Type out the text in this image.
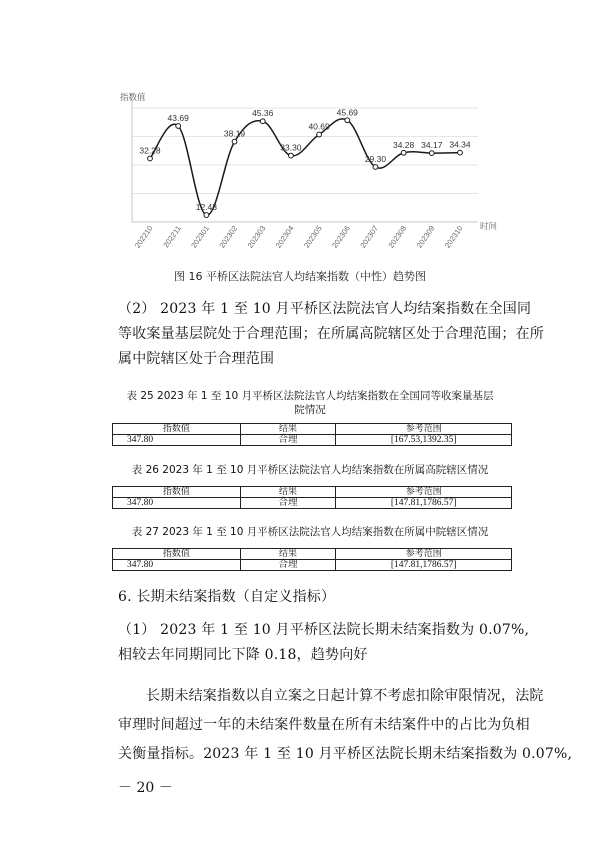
指数值
时间
32.28
202210
43.69
202211
12.43
202301
38.19
202302
45.36
202303
33.30
202304
40.69
202305
45.69
202306
29.30
202307
34.28
202308
34.17
202309
34.34
202310
图 16 平桥区法院法官人均结案指数（中性）趋势图
（2） 2023 年 1 至 10 月平桥区法院法官人均结案指数在全国同
等收案量基层院处于合理范围；在所属高院辖区处于合理范围；在所
属中院辖区处于合理范围
表 25 2023 年 1 至 10 月平桥区法院法官人均结案指数在全国同等收案量基层
院情况
指数值	结果	参考范围
347.80	合理	[167.53,1392.35]
表 26 2023 年 1 至 10 月平桥区法院法官人均结案指数在所属高院辖区情况
指数值	结果	参考范围
347.80	合理	[147.81,1786.57]
表 27 2023 年 1 至 10 月平桥区法院法官人均结案指数在所属中院辖区情况
指数值	结果	参考范围
347.80	合理	[147.81,1786.57]
6. 长期未结案指数（自定义指标）
（1） 2023 年 1 至 10 月平桥区法院长期未结案指数为 0.07%,
相较去年同期同比下降 0.18，趋势向好
长期未结案指数以自立案之日起计算不考虑扣除审限情况，法院
审理时间超过一年的未结案件数量在所有未结案件中的占比为负相
关衡量指标。2023 年 1 至 10 月平桥区法院长期未结案指数为 0.07%,
－ 20 －
